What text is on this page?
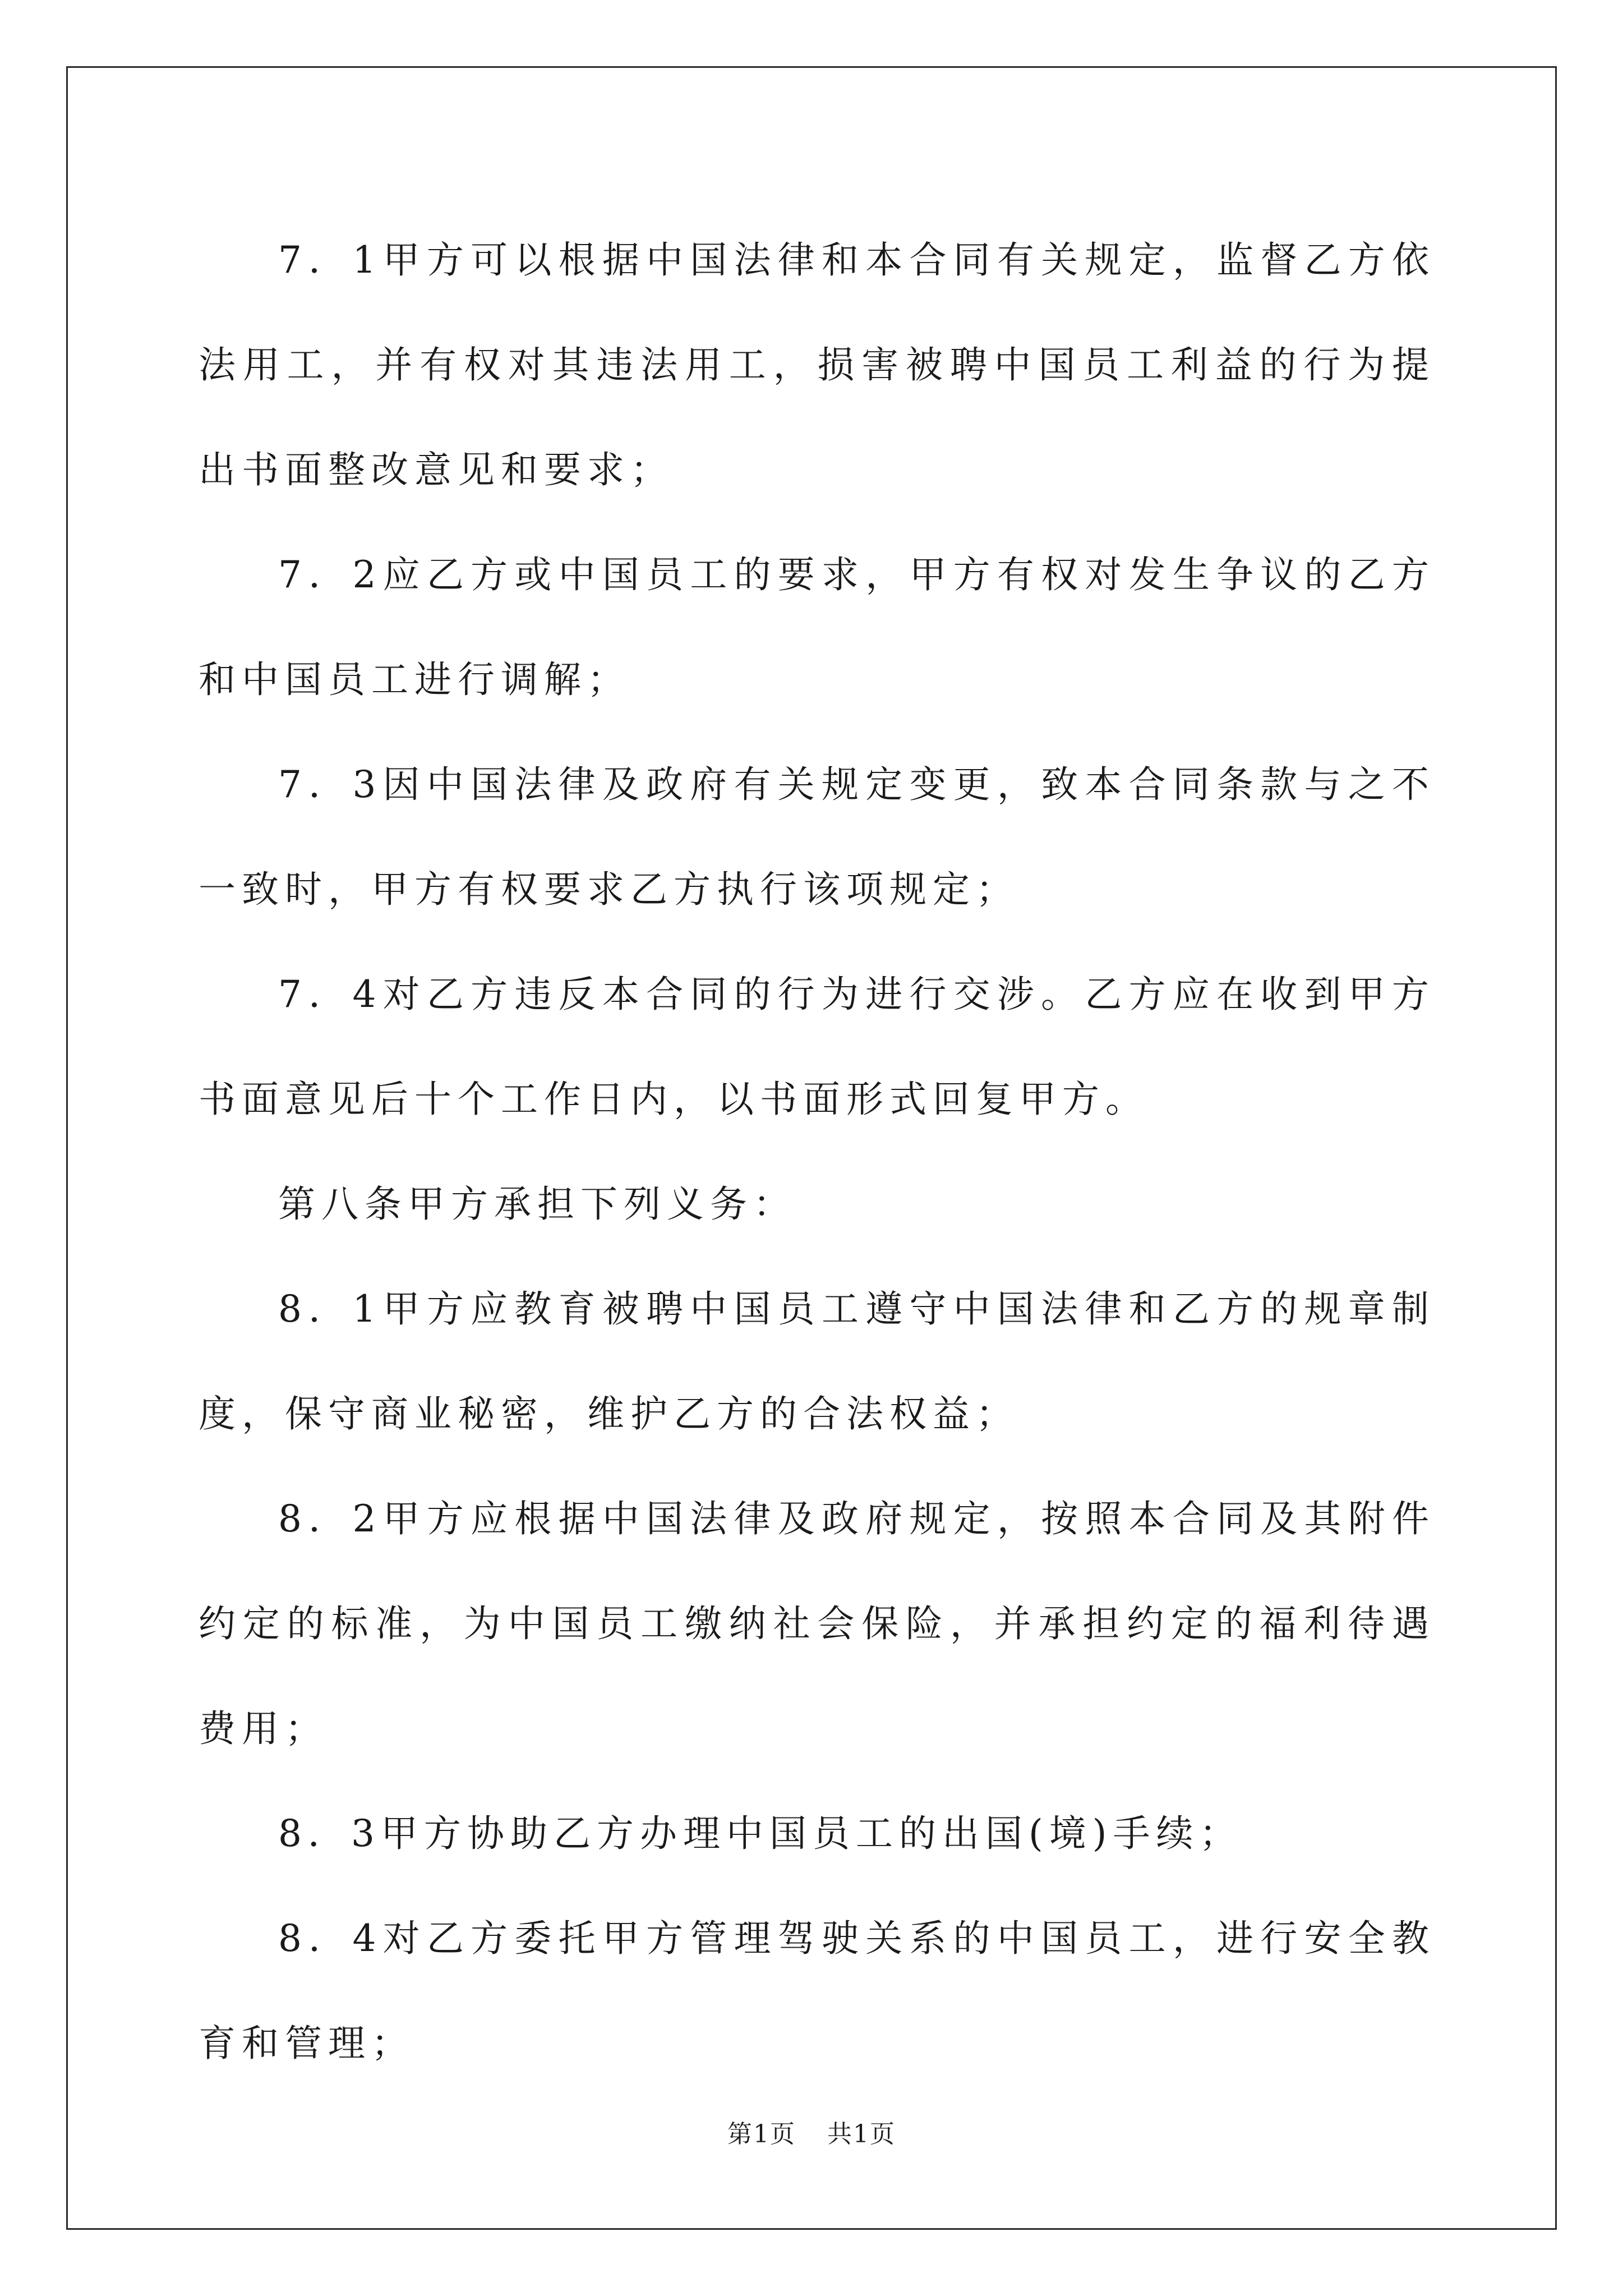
7．1甲方可以根据中国法律和本合同有关规定，监督乙方依法用工，并有权对其违法用工，损害被聘中国员工利益的行为提出书面整改意见和要求；

7．2应乙方或中国员工的要求，甲方有权对发生争议的乙方和中国员工进行调解；

7．3因中国法律及政府有关规定变更，致本合同条款与之不一致时，甲方有权要求乙方执行该项规定；

7．4对乙方违反本合同的行为进行交涉。乙方应在收到甲方书面意见后十个工作日内，以书面形式回复甲方。

第八条甲方承担下列义务：

8．1甲方应教育被聘中国员工遵守中国法律和乙方的规章制度，保守商业秘密，维护乙方的合法权益；

8．2甲方应根据中国法律及政府规定，按照本合同及其附件约定的标准，为中国员工缴纳社会保险，并承担约定的福利待遇费用；

8．3甲方协助乙方办理中国员工的出国(境)手续；

8．4对乙方委托甲方管理驾驶关系的中国员工，进行安全教育和管理；

第1页 共1页
